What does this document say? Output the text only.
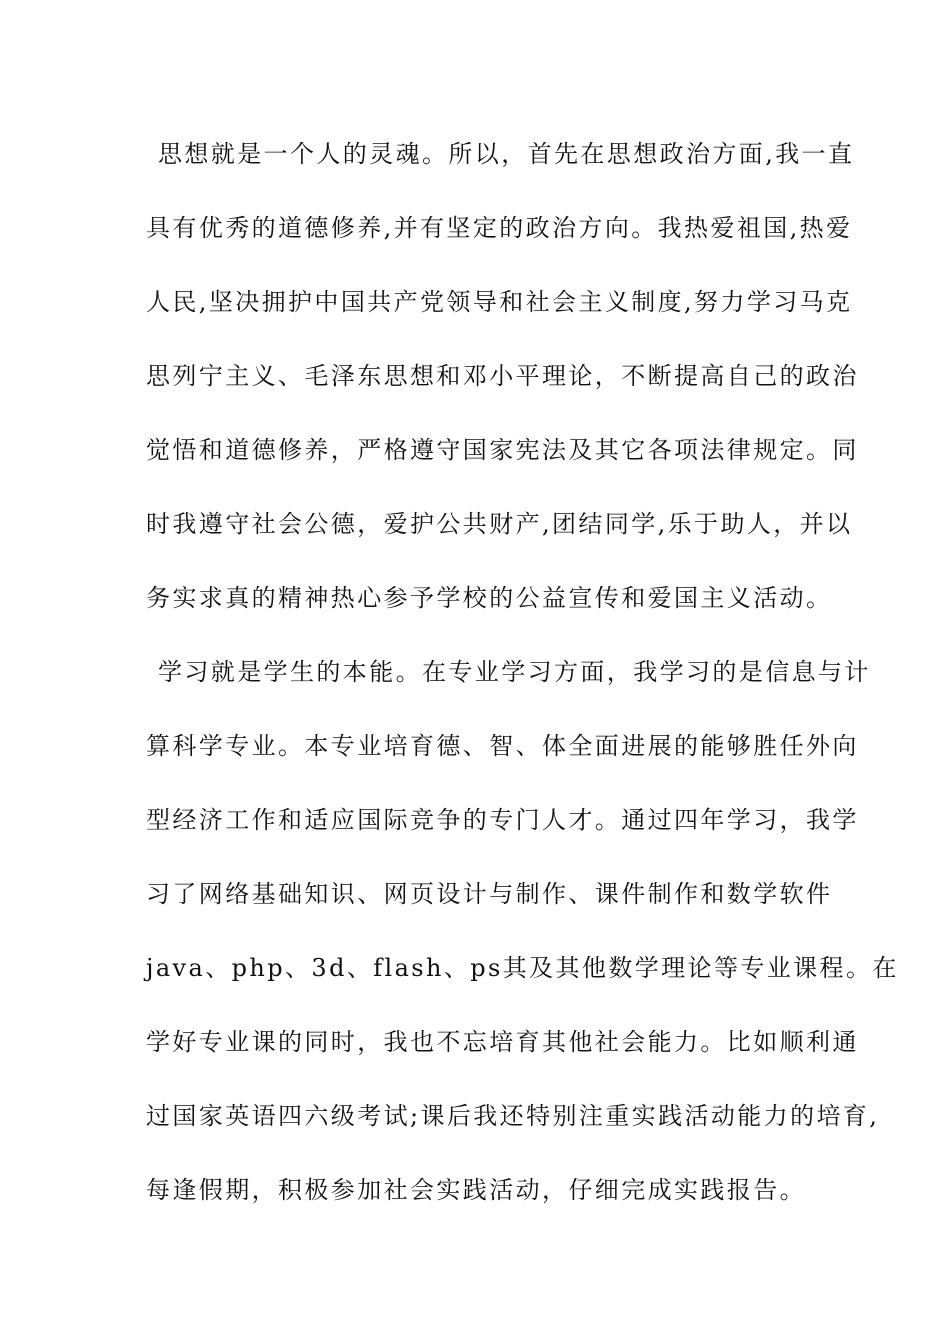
思想就是一个人的灵魂。所以，首先在思想政治方面,我一直
具有优秀的道德修养,并有坚定的政治方向。我热爱祖国,热爱
人民,坚决拥护中国共产党领导和社会主义制度,努力学习马克
思列宁主义、毛泽东思想和邓小平理论，不断提高自己的政治
觉悟和道德修养，严格遵守国家宪法及其它各项法律规定。同
时我遵守社会公德，爱护公共财产,团结同学,乐于助人，并以
务实求真的精神热心参予学校的公益宣传和爱国主义活动。
学习就是学生的本能。在专业学习方面，我学习的是信息与计
算科学专业。本专业培育德、智、体全面进展的能够胜任外向
型经济工作和适应国际竞争的专门人才。通过四年学习，我学
习了网络基础知识、网页设计与制作、课件制作和数学软件
java、php、3d、flash、ps其及其他数学理论等专业课程。在
学好专业课的同时，我也不忘培育其他社会能力。比如顺利通
过国家英语四六级考试;课后我还特别注重实践活动能力的培育,
每逢假期，积极参加社会实践活动，仔细完成实践报告。
